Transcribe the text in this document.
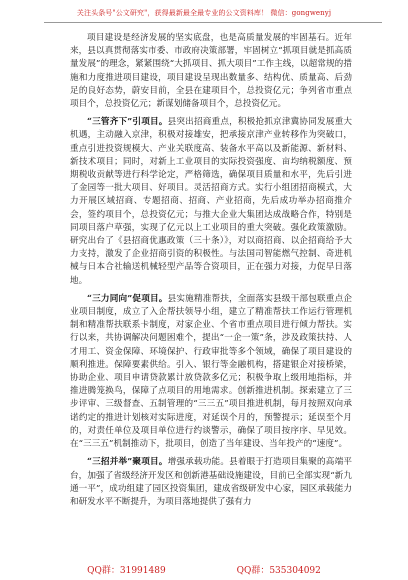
关注头条号"公文研究"，获得最新最全最专业的公文资料库！ 微信：gongwenyj

项目建设是经济发展的坚实底盘，也是高质量发展的牢固基石。近年来，县以真贯彻落实市委、市政府决策部署，牢固树立“抓项目就是抓高质量发展”的理念，紧紧围绕“大抓项目、抓大项目”工作主线，以超常规的措施和力度推进项目建设，项目建设呈现出数量多、结构优、质量高、后劲足的良好态势，蔚安目前，全县在建项目个，总投资亿元；争列省市重点项目个，总投资亿元；新谋划储备项目个，总投资亿元。

“三管齐下”引项目。县突出招商重点，积极抢抓京津冀协同发展重大机遇，主动融入京津，积极对接雄安，把承接京津产业转移作为突破口，重点引进投资规模大、产业关联度高、装备水平高以及新能源、新材料、新技术项目；同时，对新上工业项目的实际投资强度、亩均纳税额度、预期税收贡献等进行科学论定，严格筛选，确保项目质量和水平，先后引进了金园等一批大项目、好项目。灵活招商方式。实行小组团招商模式，大力开展区域招商、专题招商、招商、产业招商，先后成功举办招商推介会，签约项目个，总投资亿元；与推大企业大集团达成战略合作，特别是同项目落户草强，实现了亿元以上工业项目的重大突破。强化政策激励。研究出台了《县招商优惠政策（三十条）》，对以商招商、以企招商给予大力支持，激发了企业招商引资的积极性。与法国司智能燃气控制、奇进机械与日本合社输送机械轻型产品等合资项目，正在强力对接，力促早日落地。

“三力同向”促项目。县实施精准帮扶，全面落实县级干部包联重点企业项目制度，成立了入企帮扶领导小组，建立了精准帮扶工作运行管理机制和精准帮扶联系卡制度，对家企业、个省市重点项目进行倾力帮扶。实行以来，共协调解决问题困难个，提出“一企一策”条，涉及政策扶持、人才用工、资金保障、环境保护、行政审批等多个领域，确保了项目建设的顺利推进。保障要素供给。引入、银行等金融机构，搭建银企对接桥梁，协助企业、项目申请贷款累计放贷款多亿元；积极争取上级用地指标，并推进腾笼换鸟，保障了点项目的用地需求。创新推进机制。探索建立了三步评审、三级督查、五制管理的“三三五”项目推进机制，每月按照双向承诺约定的推进计划核对实际进度，对延误个月的，预警提示；延误至个月的，对责任单位及项目单位进行约谈警示，确保了项目按序序、早见效。在“三三五”机制推动下，批项目，创造了当年建设、当年投产的“速度”。

“三招并举”聚项目。增强承载功能。县着眼于打造项目集聚的高端平台，加强了省级经济开发区和创新港基础设施建设，目前已全部实现“新九通一平”，成功组建了园区投资集团，建成省级研发中心家，园区承载能力和研发水平不断提升，为项目落地提供了强有力

QQ群：31991489	QQ群：535304092
